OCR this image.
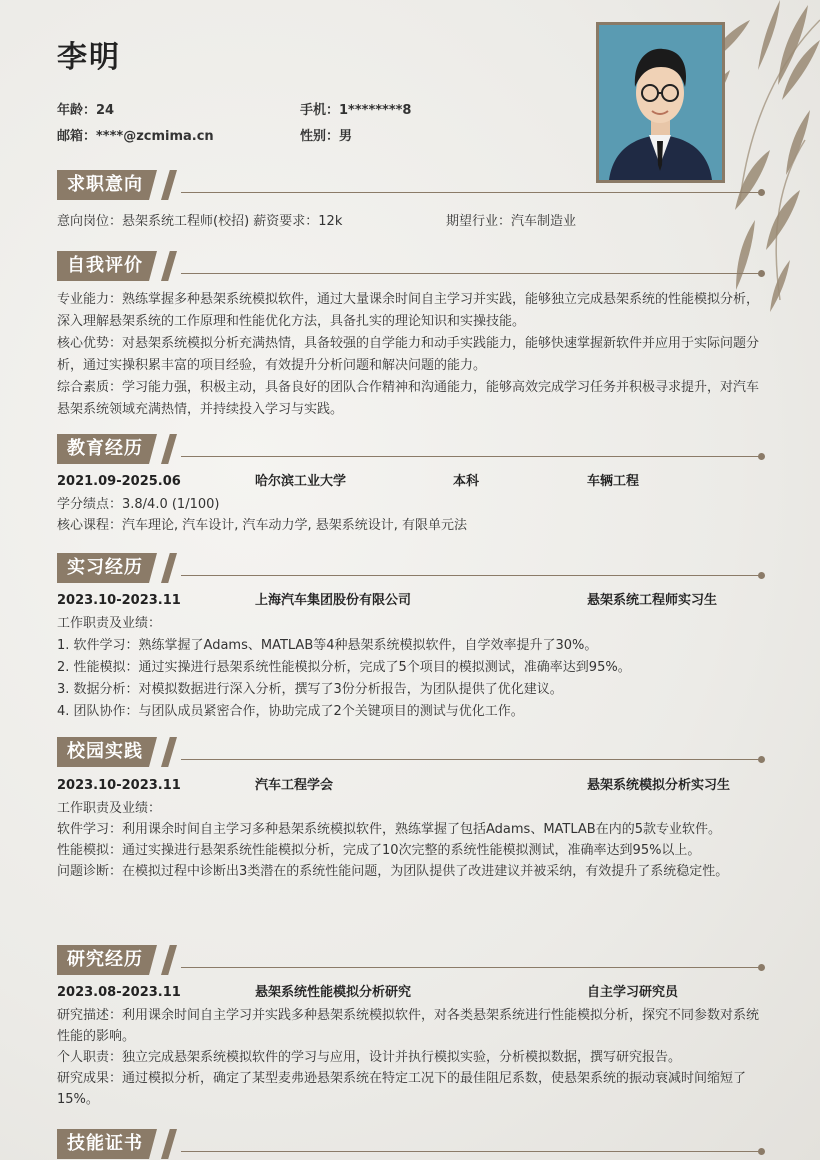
李明
年龄：24	手机：1********8
邮箱：****@zcmima.cn	性别：男
求职意向
意向岗位：悬架系统工程师(校招) 薪资要求：12k	期望行业：汽车制造业
自我评价

专业能力：熟练掌握多种悬架系统模拟软件，通过大量课余时间自主学习并实践，能够独立完成悬架系统的性能模拟分析，深入理解悬架系统的工作原理和性能优化方法，具备扎实的理论知识和实操技能。

核心优势：对悬架系统模拟分析充满热情，具备较强的自学能力和动手实践能力，能够快速掌握新软件并应用于实际问题分析，通过实操积累丰富的项目经验，有效提升分析问题和解决问题的能力。

综合素质：学习能力强，积极主动，具备良好的团队合作精神和沟通能力，能够高效完成学习任务并积极寻求提升，对汽车悬架系统领域充满热情，并持续投入学习与实践。

教育经历
2021.09-2025.06	哈尔滨工业大学	本科	车辆工程

学分绩点：3.8/4.0 (1/100)

核心课程：汽车理论, 汽车设计, 汽车动力学, 悬架系统设计, 有限单元法

实习经历
2023.10-2023.11	上海汽车集团股份有限公司	悬架系统工程师实习生

工作职责及业绩：

1. 软件学习：熟练掌握了Adams、MATLAB等4种悬架系统模拟软件，自学效率提升了30%。

2. 性能模拟：通过实操进行悬架系统性能模拟分析，完成了5个项目的模拟测试，准确率达到95%。

3. 数据分析：对模拟数据进行深入分析，撰写了3份分析报告，为团队提供了优化建议。

4. 团队协作：与团队成员紧密合作，协助完成了2个关键项目的测试与优化工作。

校园实践
2023.10-2023.11	汽车工程学会	悬架系统模拟分析实习生

工作职责及业绩：

软件学习：利用课余时间自主学习多种悬架系统模拟软件，熟练掌握了包括Adams、MATLAB在内的5款专业软件。

性能模拟：通过实操进行悬架系统性能模拟分析，完成了10次完整的系统性能模拟测试，准确率达到95%以上。

问题诊断：在模拟过程中诊断出3类潜在的系统性能问题，为团队提供了改进建议并被采纳，有效提升了系统稳定性。

研究经历
2023.08-2023.11	悬架系统性能模拟分析研究	自主学习研究员

研究描述：利用课余时间自主学习并实践多种悬架系统模拟软件，对各类悬架系统进行性能模拟分析，探究不同参数对系统性能的影响。

个人职责：独立完成悬架系统模拟软件的学习与应用，设计并执行模拟实验，分析模拟数据，撰写研究报告。

研究成果：通过模拟分析，确定了某型麦弗逊悬架系统在特定工况下的最佳阻尼系数，使悬架系统的振动衰减时间缩短了15%。

技能证书
